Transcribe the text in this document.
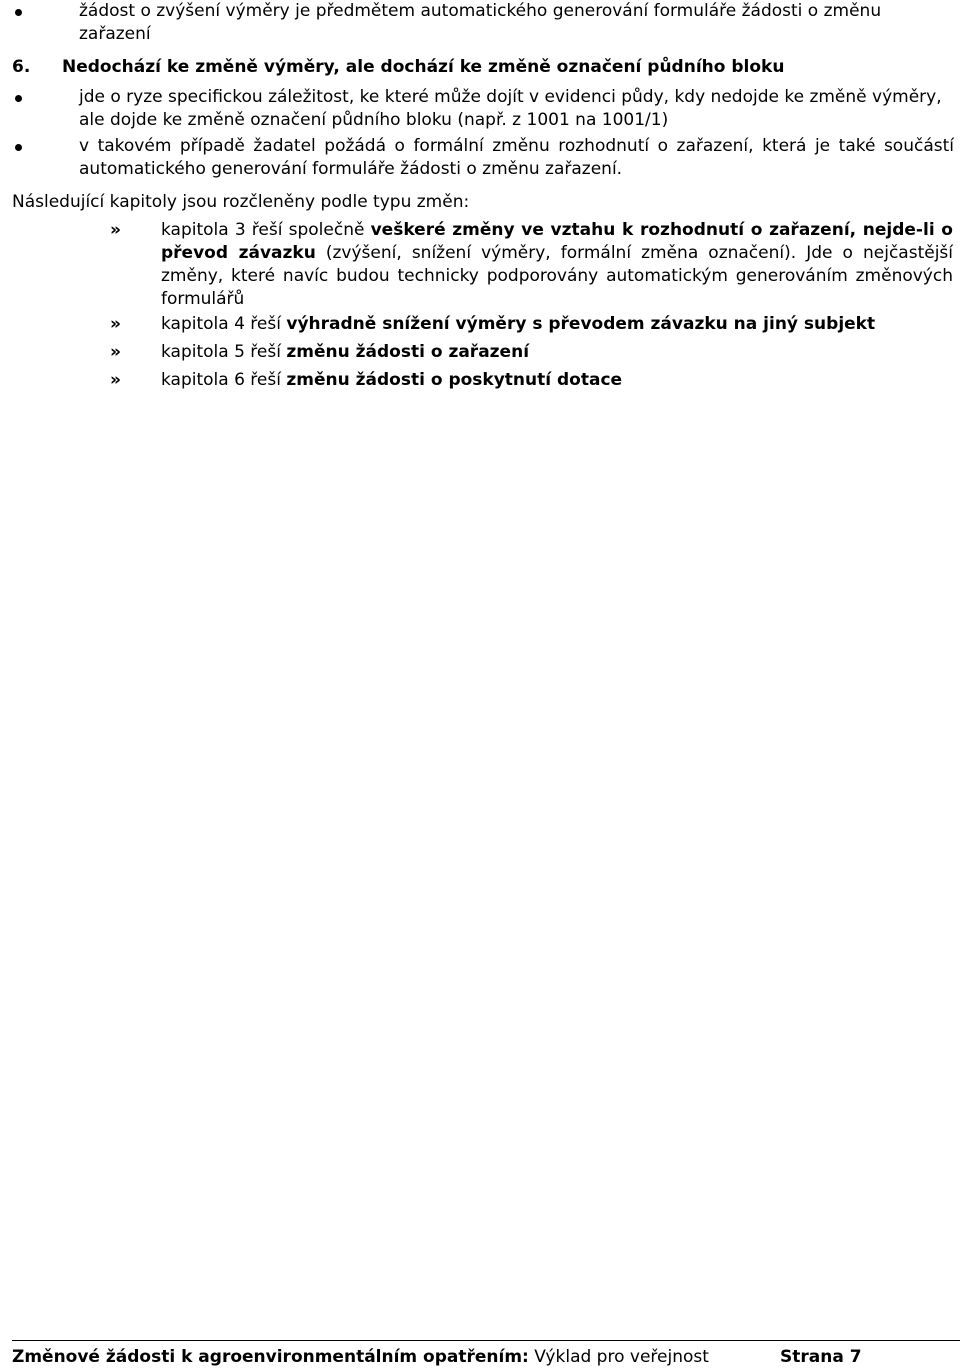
žádost o zvýšení výměry je předmětem automatického generování formuláře žádosti o změnu zařazení
6. Nedochází ke změně výměry, ale dochází ke změně označení půdního bloku
jde o ryze specifickou záležitost, ke které může dojít v evidenci půdy, kdy nedojde ke změně výměry, ale dojde ke změně označení půdního bloku (např. z 1001 na 1001/1)
v takovém případě žadatel požádá o formální změnu rozhodnutí o zařazení, která je také součástí automatického generování formuláře žádosti o změnu zařazení.
Následující kapitoly jsou rozčleněny podle typu změn:
» kapitola 3 řeší společně veškeré změny ve vztahu k rozhodnutí o zařazení, nejde-li o převod závazku (zvýšení, snížení výměry, formální změna označení). Jde o nejčastější změny, které navíc budou technicky podporovány automatickým generováním změnových formulářů
» kapitola 4 řeší výhradně snížení výměry s převodem závazku na jiný subjekt
» kapitola 5 řeší změnu žádosti o zařazení
» kapitola 6 řeší změnu žádosti o poskytnutí dotace
Změnové žádosti k agroenvironmentálním opatřením: Výklad pro veřejnost	Strana 7
